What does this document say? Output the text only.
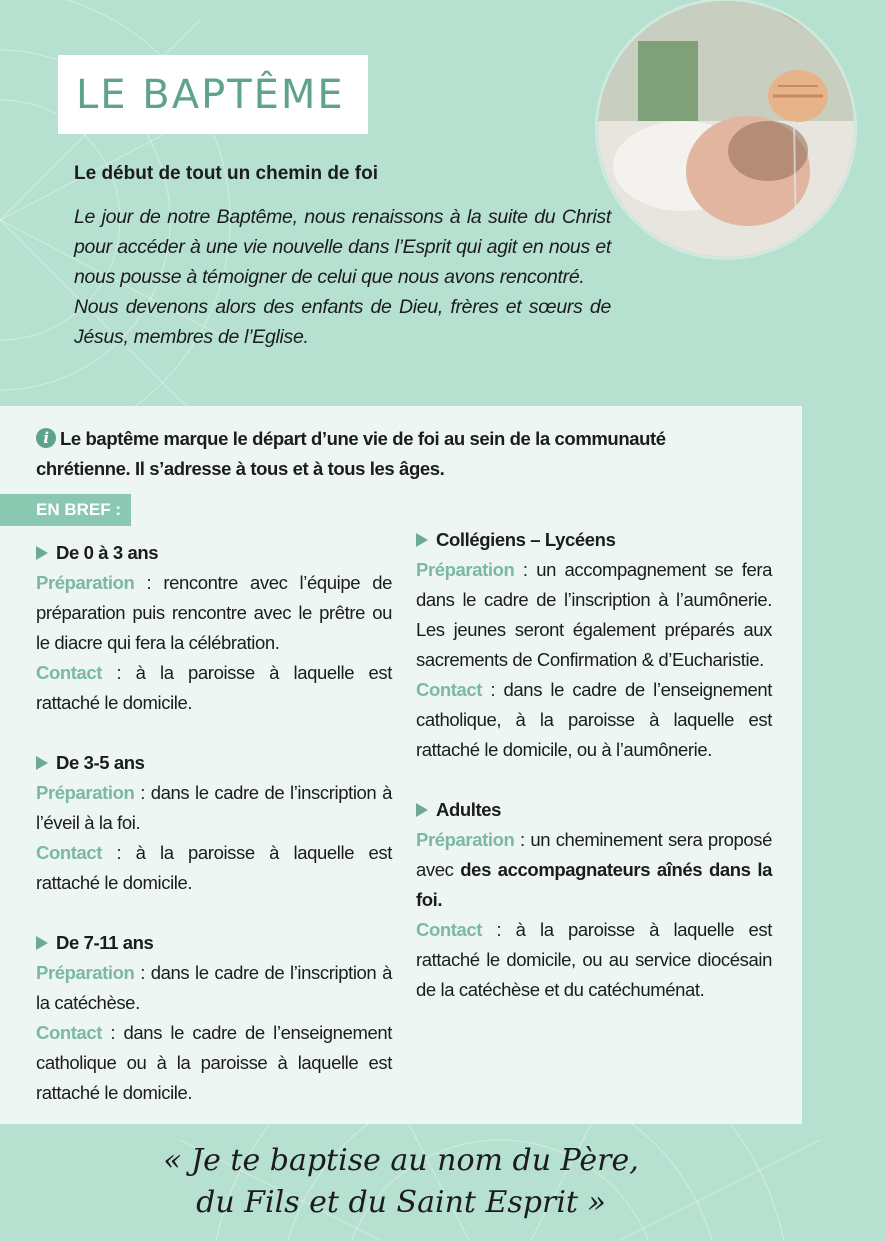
LE BAPTÊME

Le début de tout un chemin de foi

Le jour de notre Baptême, nous renaissons à la suite du Christ pour accéder à une vie nouvelle dans l’Esprit qui agit en nous et nous pousse à témoigner de celui que nous avons rencontré.

Nous devenons alors des enfants de Dieu, frères et sœurs de Jésus, membres de l’Eglise.

i Le baptême marque le départ d’une vie de foi au sein de la communauté chrétienne. Il s’adresse à tous et à tous les âges.

EN BREF :

De 0 à 3 ans

Préparation : rencontre avec l’équipe de préparation puis rencontre avec le prêtre ou le diacre qui fera la célébration.

Contact : à la paroisse à laquelle est rattaché le domicile.

De 3-5 ans

Préparation : dans le cadre de l’inscription à l’éveil à la foi.

Contact : à la paroisse à laquelle est rattaché le domicile.

De 7-11 ans

Préparation : dans le cadre de l’inscription à la catéchèse.

Contact : dans le cadre de l’enseignement catholique ou à la paroisse à laquelle est rattaché le domicile.

Collégiens – Lycéens

Préparation : un accompagnement se fera dans le cadre de l’inscription à l’aumônerie. Les jeunes seront également préparés aux sacrements de Confirmation & d’Eucharistie.

Contact : dans le cadre de l’enseignement catholique, à la paroisse à laquelle est rattaché le domicile, ou à l’aumônerie.

Adultes

Préparation : un cheminement sera proposé avec des accompagnateurs aînés dans la foi.

Contact : à la paroisse à laquelle est rattaché le domicile, ou au service diocésain de la catéchèse et du catéchuménat.

« Je te baptise au nom du Père,
du Fils et du Saint Esprit »
